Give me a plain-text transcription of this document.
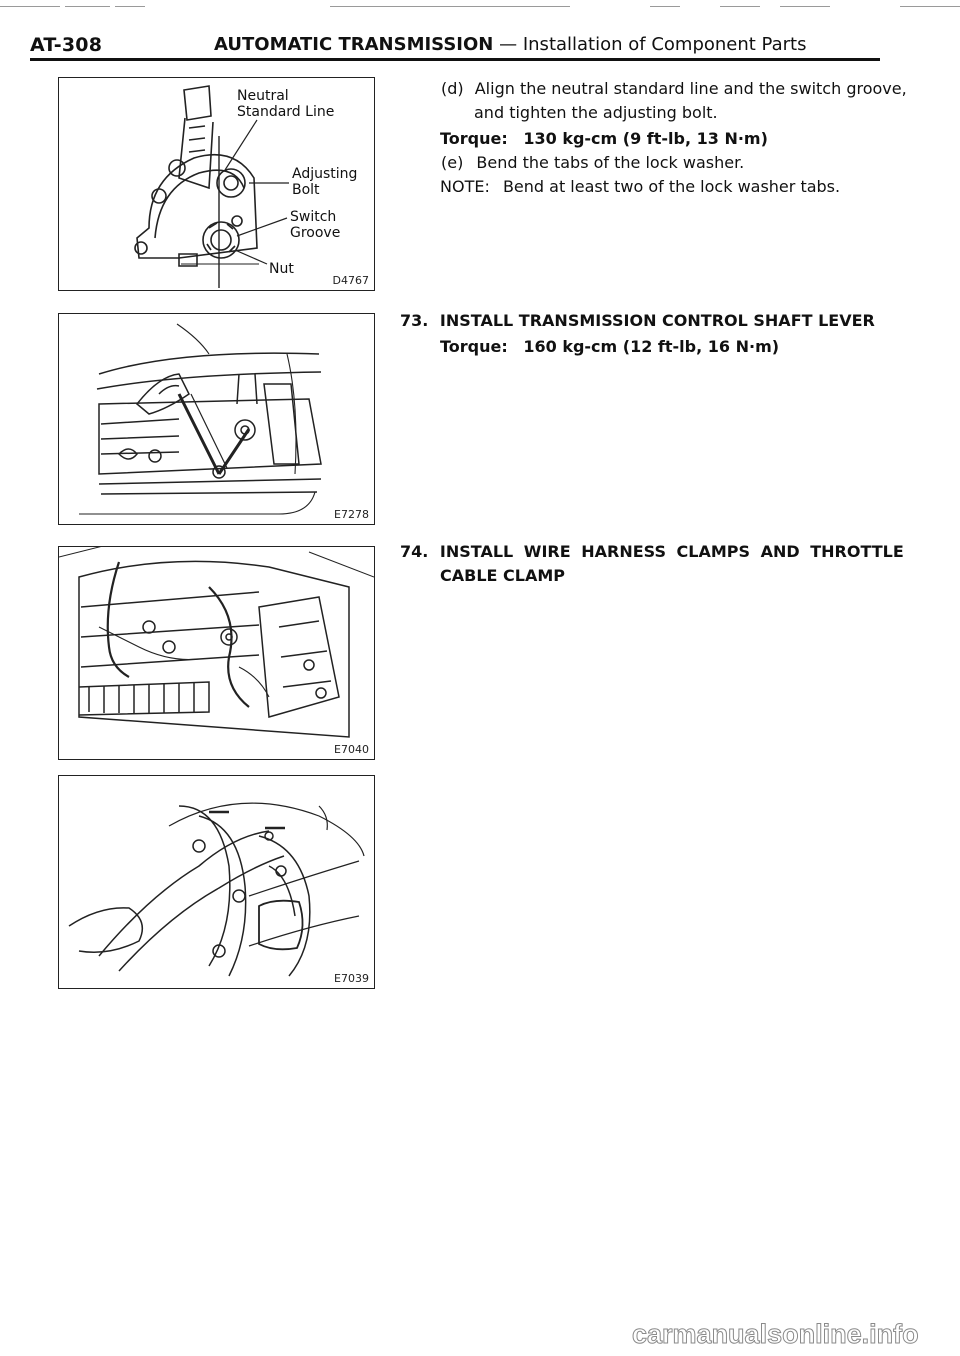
AT-308	AUTOMATIC TRANSMISSION — Installation of Component Parts
Neutral
Standard Line
Adjusting
Bolt
Switch
Groove
Nut
D4767
E7278
E7040
E7039
(d) Align the neutral standard line and the switch groove,
and tighten the adjusting bolt.
Torque: 130 kg-cm (9 ft-lb, 13 N·m)
(e) Bend the tabs of the lock washer.
NOTE: Bend at least two of the lock washer tabs.
73. INSTALL TRANSMISSION CONTROL SHAFT LEVER
Torque: 160 kg-cm (12 ft-lb, 16 N·m)
74. INSTALL WIRE HARNESS CLAMPS AND THROTTLE
CABLE CLAMP
carmanualsonline.info
